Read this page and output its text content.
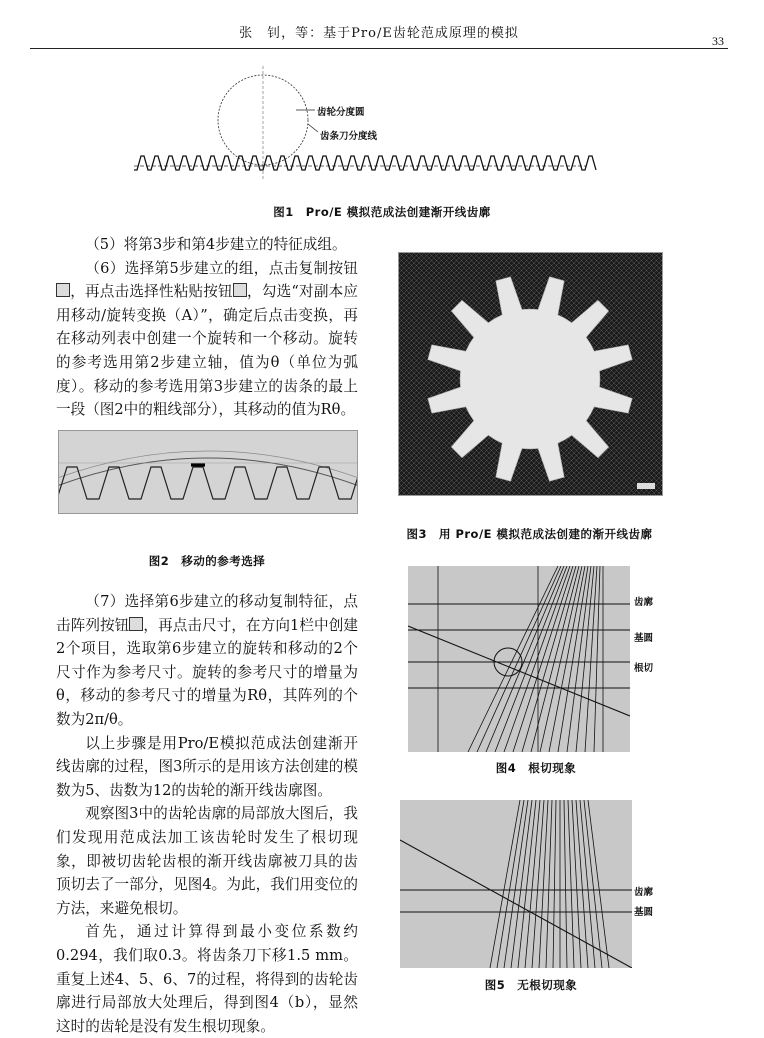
张　钊，等：基于Pro/E齿轮范成原理的模拟	33
齿轮分度圆
齿条刀分度线
图1　Pro/E 模拟范成法创建渐开线齿廓

（5）将第3步和第4步建立的特征成组。

（6）选择第5步建立的组，点击复制按钮，再点击选择性粘贴按钮 ，勾选“对副本应用移动/旋转变换（A）”，确定后点击变换，再在移动列表中创建一个旋转和一个移动。旋转的参考选用第2步建立轴，值为θ（单位为弧度）。移动的参考选用第3步建立的齿条的最上一段（图2中的粗线部分），其移动的值为Rθ。

图2　移动的参考选择

（7）选择第6步建立的移动复制特征，点击阵列按钮 ，再点击尺寸，在方向1栏中创建2个项目，选取第6步建立的旋转和移动的2个尺寸作为参考尺寸。旋转的参考尺寸的增量为θ，移动的参考尺寸的增量为Rθ，其阵列的个数为2π/θ。

以上步骤是用Pro/E模拟范成法创建渐开线齿廓的过程，图3所示的是用该方法创建的模数为5、齿数为12的齿轮的渐开线齿廓图。

观察图3中的齿轮齿廓的局部放大图后，我们发现用范成法加工该齿轮时发生了根切现象，即被切齿轮齿根的渐开线齿廓被刀具的齿顶切去了一部分，见图4。为此，我们用变位的方法，来避免根切。

首先，通过计算得到最小变位系数约0.294，我们取0.3。将齿条刀下移1.5 mm。重复上述4、5、6、7的过程，将得到的齿轮齿廓进行局部放大处理后，得到图4（b），显然这时的齿轮是没有发生根切现象。

图3　用 Pro/E 模拟范成法创建的渐开线齿廓
齿廓
基圆
根切
图4　根切现象
齿廓
基圆
图5　无根切现象
